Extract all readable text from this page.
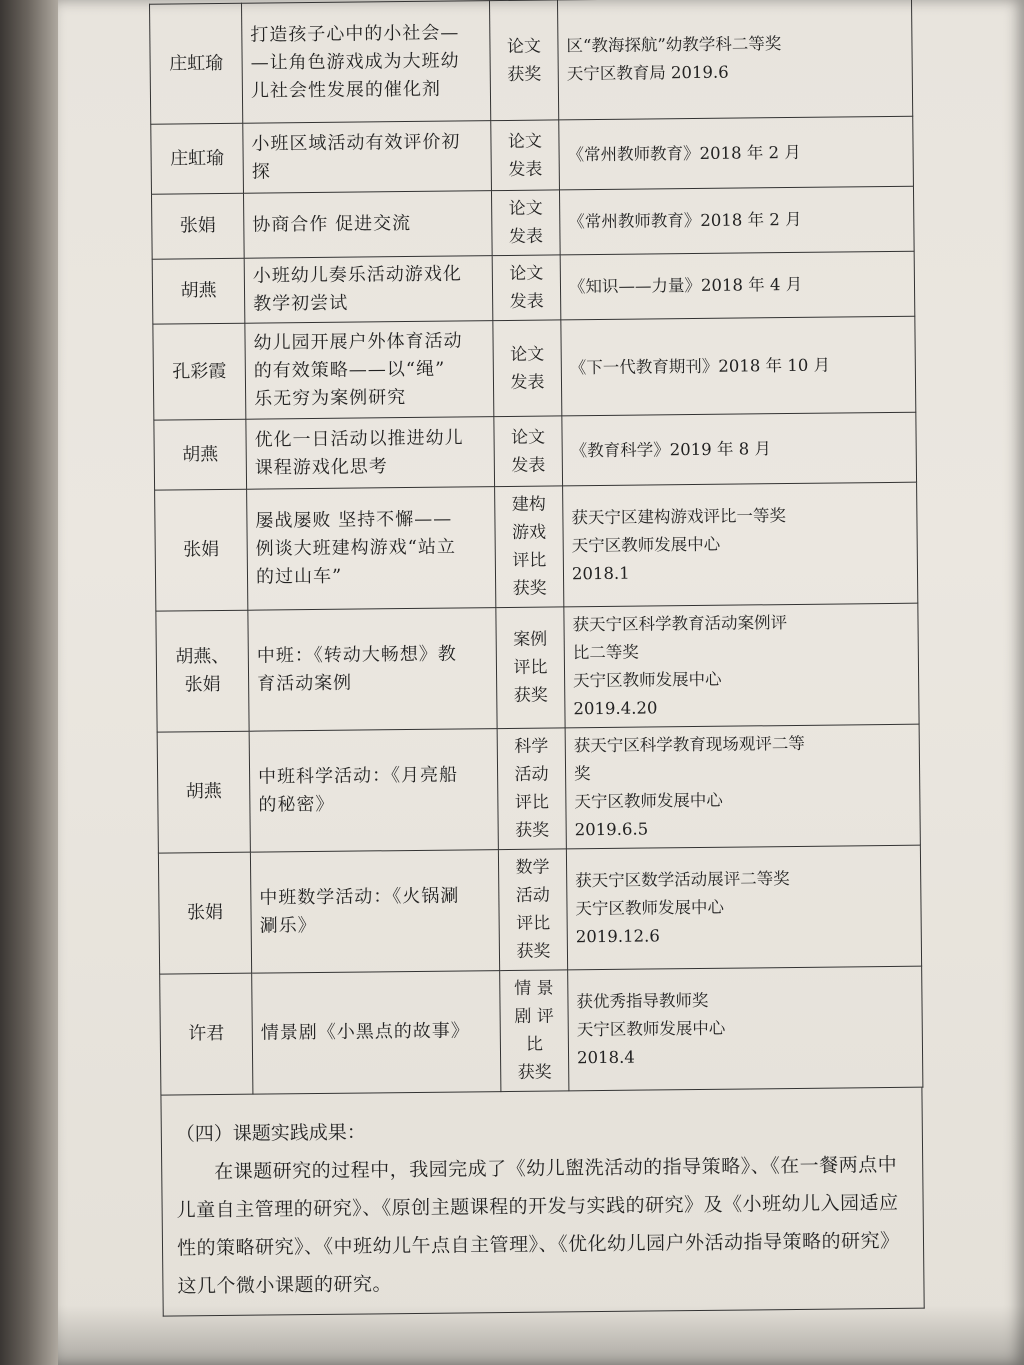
庄虹瑜	打造孩子心中的小社会—
—让角色游戏成为大班幼
儿社会性发展的催化剂	论文
获奖	区“教海探航”幼教学科二等奖
天宁区教育局 2019.6

庄虹瑜	小班区域活动有效评价初
探	论文
发表	《常州教师教育》2018 年 2 月

张娟	协商合作 促进交流	论文
发表	《常州教师教育》2018 年 2 月

胡燕	小班幼儿奏乐活动游戏化
教学初尝试	论文
发表	《知识——力量》2018 年 4 月

孔彩霞	幼儿园开展户外体育活动
的有效策略——以“绳”
乐无穷为案例研究	论文
发表	《下一代教育期刊》2018 年 10 月

胡燕	优化一日活动以推进幼儿
课程游戏化思考	论文
发表	《教育科学》2019 年 8 月

张娟	屡战屡败 坚持不懈——
例谈大班建构游戏“站立
的过山车”	建构
游戏
评比
获奖	获天宁区建构游戏评比一等奖
天宁区教师发展中心
2018.1

胡燕、
张娟	中班：《转动大畅想》教
育活动案例	案例
评比
获奖	获天宁区科学教育活动案例评
比二等奖
天宁区教师发展中心
2019.4.20

胡燕	中班科学活动：《月亮船
的秘密》	科学
活动
评比
获奖	获天宁区科学教育现场观评二等
奖
天宁区教师发展中心
2019.6.5

张娟	中班数学活动：《火锅涮
涮乐》	数学
活动
评比
获奖	获天宁区数学活动展评二等奖
天宁区教师发展中心
2019.12.6

许君	情景剧《小黑点的故事》	情 景
剧 评
比
获奖	获优秀指导教师奖
天宁区教师发展中心
2018.4
（四）课题实践成果：

在课题研究的过程中，我园完成了《幼儿盥洗活动的指导策略》、《在一餐两点中儿童自主管理的研究》、《原创主题课程的开发与实践的研究》及《小班幼儿入园适应性的策略研究》、《中班幼儿午点自主管理》、《优化幼儿园户外活动指导策略的研究》这几个微小课题的研究。
